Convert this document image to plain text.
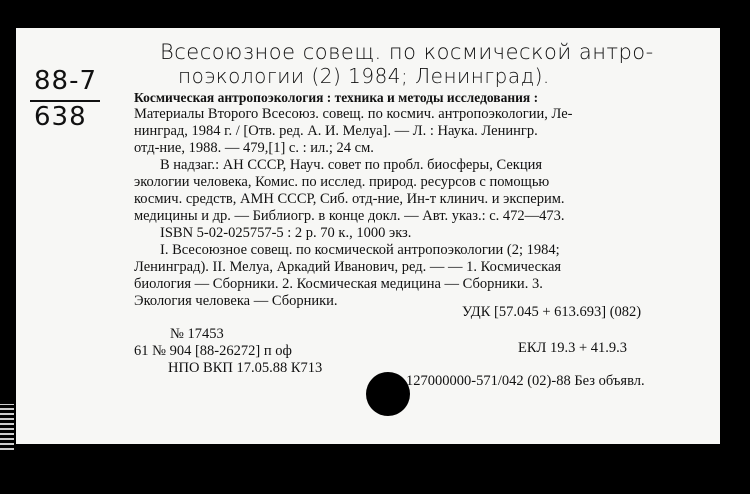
Всесоюзное совещ. по космической антро-
поэкологии (2) 1984; Ленинград).
88-7
638
Космическая антропоэкология : техника и методы исследования :
Материалы Второго Всесоюз. совещ. по космич. антропоэкологии, Ле-
нинград, 1984 г. / [Отв. ред. А. И. Мелуа]. — Л. : Наука. Ленингр.
отд-ние, 1988. — 479,[1] с. : ил.; 24 см.
В надзаг.: АН СССР, Науч. совет по пробл. биосферы, Секция
экологии человека, Комис. по исслед. природ. ресурсов с помощью
космич. средств, АМН СССР, Сиб. отд-ние, Ин-т клинич. и эксперим.
медицины и др. — Библиогр. в конце докл. — Авт. указ.: с. 472—473.
ISBN 5-02-025757-5 : 2 р. 70 к., 1000 экз.
I. Всесоюзное совещ. по космической антропоэкологии (2; 1984;
Ленинград). II. Мелуа, Аркадий Иванович, ред. — — 1. Космическая
биология — Сборники. 2. Космическая медицина — Сборники. 3.
Экология человека — Сборники.
УДК [57.045 + 613.693] (082)
№ 17453
61 № 904 [88-26272] п оф	ЕКЛ 19.3 + 41.9.3
НПО ВКП 17.05.88 К713
127000000-571/042 (02)-88 Без объявл.
